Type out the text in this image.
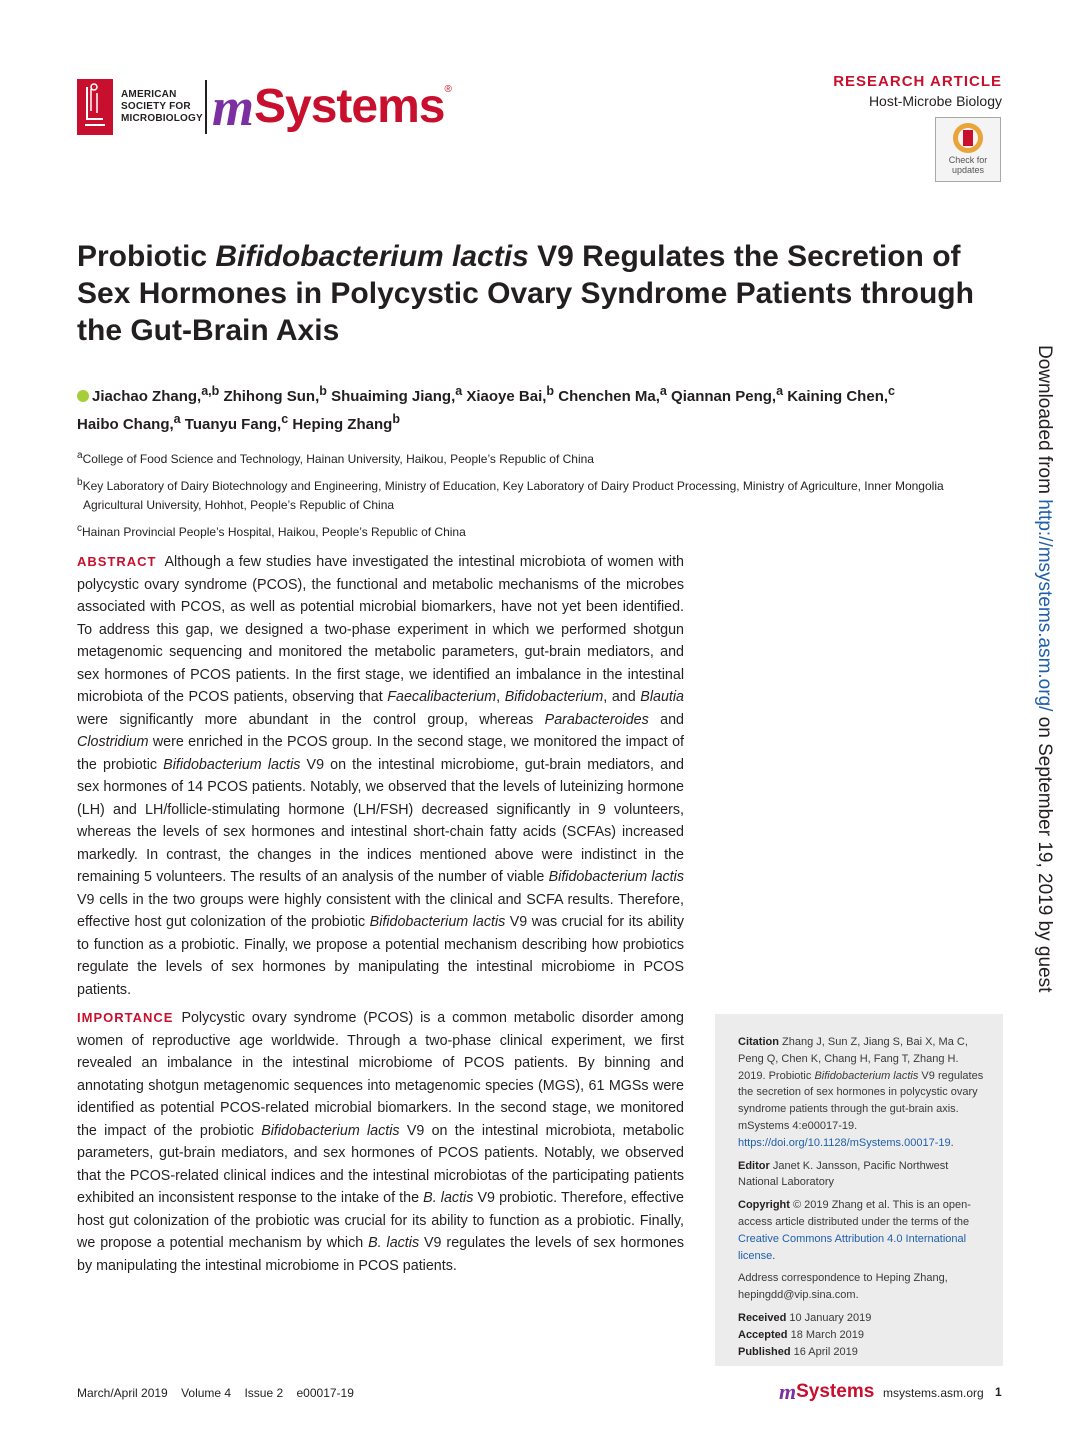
AMERICAN
SOCIETY FOR
MICROBIOLOGY m Systems ®	RESEARCH ARTICLE
Host-Microbe Biology
Check for
updates
Probiotic Bifidobacterium lactis V9 Regulates the Secretion of Sex Hormones in Polycystic Ovary Syndrome Patients through the Gut-Brain Axis
Jiachao Zhang,$^{a,b}$ Zhihong Sun,$^b$ Shuaiming Jiang,$^a$ Xiaoye Bai,$^b$ Chenchen Ma,$^a$ Qiannan Peng,$^a$ Kaining Chen,$^c$
Haibo Chang,$^a$ Tuanyu Fang,$^c$ Heping Zhang$^b$
$^a$College of Food Science and Technology, Hainan University, Haikou, People’s Republic of China
$^b$Key Laboratory of Dairy Biotechnology and Engineering, Ministry of Education, Key Laboratory of Dairy Product Processing, Ministry of Agriculture, Inner Mongolia
Agricultural University, Hohhot, People’s Republic of China
$^c$Hainan Provincial People’s Hospital, Haikou, People’s Republic of China

ABSTRACT Although a few studies have investigated the intestinal microbiota of women with polycystic ovary syndrome (PCOS), the functional and metabolic mechanisms of the microbes associated with PCOS, as well as potential microbial biomarkers, have not yet been identified. To address this gap, we designed a two-phase experiment in which we performed shotgun metagenomic sequencing and monitored the metabolic parameters, gut-brain mediators, and sex hormones of PCOS patients. In the first stage, we identified an imbalance in the intestinal microbiota of the PCOS patients, observing that Faecalibacterium, Bifidobacterium, and Blautia were significantly more abundant in the control group, whereas Parabacteroides and Clostridium were enriched in the PCOS group. In the second stage, we monitored the impact of the probiotic Bifidobacterium lactis V9 on the intestinal microbiome, gut-brain mediators, and sex hormones of 14 PCOS patients. Notably, we observed that the levels of luteinizing hormone (LH) and LH/follicle-stimulating hormone (LH/FSH) decreased significantly in 9 volunteers, whereas the levels of sex hormones and intestinal short-chain fatty acids (SCFAs) increased markedly. In contrast, the changes in the indices mentioned above were indistinct in the remaining 5 volunteers. The results of an analysis of the number of viable Bifidobacterium lactis V9 cells in the two groups were highly consistent with the clinical and SCFA results. Therefore, effective host gut colonization of the probiotic Bifidobacterium lactis V9 was crucial for its ability to function as a probiotic. Finally, we propose a potential mechanism describing how probiotics regulate the levels of sex hormones by manipulating the intestinal microbiome in PCOS patients.

IMPORTANCE Polycystic ovary syndrome (PCOS) is a common metabolic disorder among women of reproductive age worldwide. Through a two-phase clinical experiment, we first revealed an imbalance in the intestinal microbiome of PCOS patients. By binning and annotating shotgun metagenomic sequences into metagenomic species (MGS), 61 MGSs were identified as potential PCOS-related microbial biomarkers. In the second stage, we monitored the impact of the probiotic Bifidobacterium lactis V9 on the intestinal microbiota, metabolic parameters, gut-brain mediators, and sex hormones of PCOS patients. Notably, we observed that the PCOS-related clinical indices and the intestinal microbiotas of the participating patients exhibited an inconsistent response to the intake of the B. lactis V9 probiotic. Therefore, effective host gut colonization of the probiotic was crucial for its ability to function as a probiotic. Finally, we propose a potential mechanism by which B. lactis V9 regulates the levels of sex hormones by manipulating the intestinal microbiome in PCOS patients.

Citation Zhang J, Sun Z, Jiang S, Bai X, Ma C, Peng Q, Chen K, Chang H, Fang T, Zhang H. 2019. Probiotic Bifidobacterium lactis V9 regulates the secretion of sex hormones in polycystic ovary syndrome patients through the gut-brain axis. mSystems 4:e00017-19. https://doi.org/10.1128/mSystems.00017-19.

Editor Janet K. Jansson, Pacific Northwest National Laboratory

Copyright © 2019 Zhang et al. This is an open-access article distributed under the terms of the Creative Commons Attribution 4.0 International license.

Address correspondence to Heping Zhang, hepingdd@vip.sina.com.

Received 10 January 2019
Accepted 18 March 2019
Published 16 April 2019
Downloaded from http://msystems.asm.org/ on September 19, 2019 by guest
March/April 2019 Volume 4 Issue 2 e00017-19	m Systems msystems.asm.org 1
